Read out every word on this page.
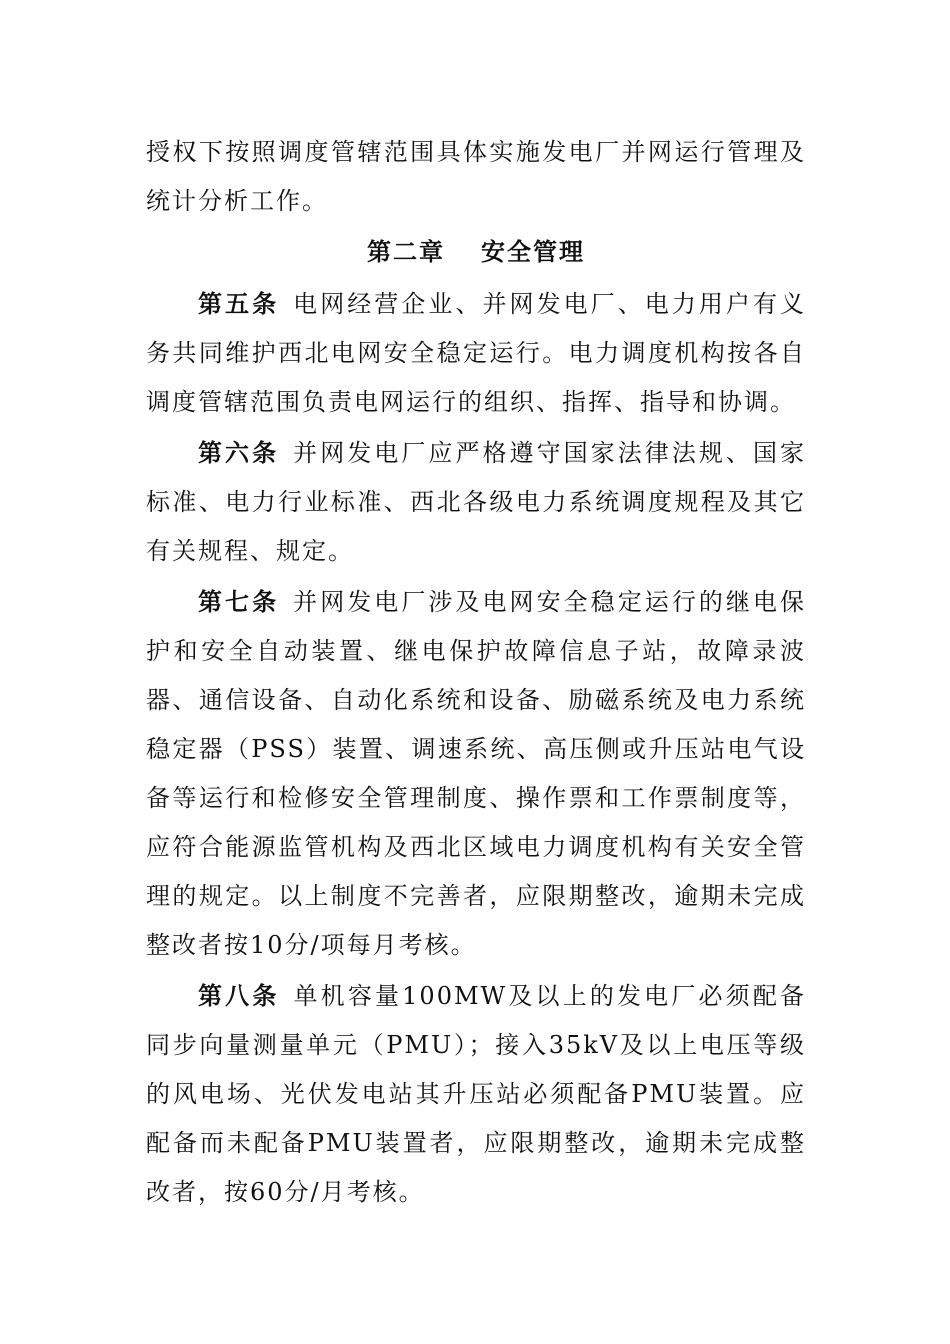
授权下按照调度管辖范围具体实施发电厂并网运行管理及统计分析工作。

第二章 安全管理

第五条 电网经营企业、并网发电厂、电力用户有义务共同维护西北电网安全稳定运行。电力调度机构按各自调度管辖范围负责电网运行的组织、指挥、指导和协调。

第六条 并网发电厂应严格遵守国家法律法规、国家标准、电力行业标准、西北各级电力系统调度规程及其它有关规程、规定。

第七条 并网发电厂涉及电网安全稳定运行的继电保护和安全自动装置、继电保护故障信息子站，故障录波器、通信设备、自动化系统和设备、励磁系统及电力系统稳定器（PSS）装置、调速系统、高压侧或升压站电气设备等运行和检修安全管理制度、操作票和工作票制度等，应符合能源监管机构及西北区域电力调度机构有关安全管理的规定。以上制度不完善者，应限期整改，逾期未完成整改者按10分/项每月考核。

第八条 单机容量100MW及以上的发电厂必须配备同步向量测量单元（PMU）；接入35kV及以上电压等级的风电场、光伏发电站其升压站必须配备PMU装置。应配备而未配备PMU装置者，应限期整改，逾期未完成整改者，按60分/月考核。
